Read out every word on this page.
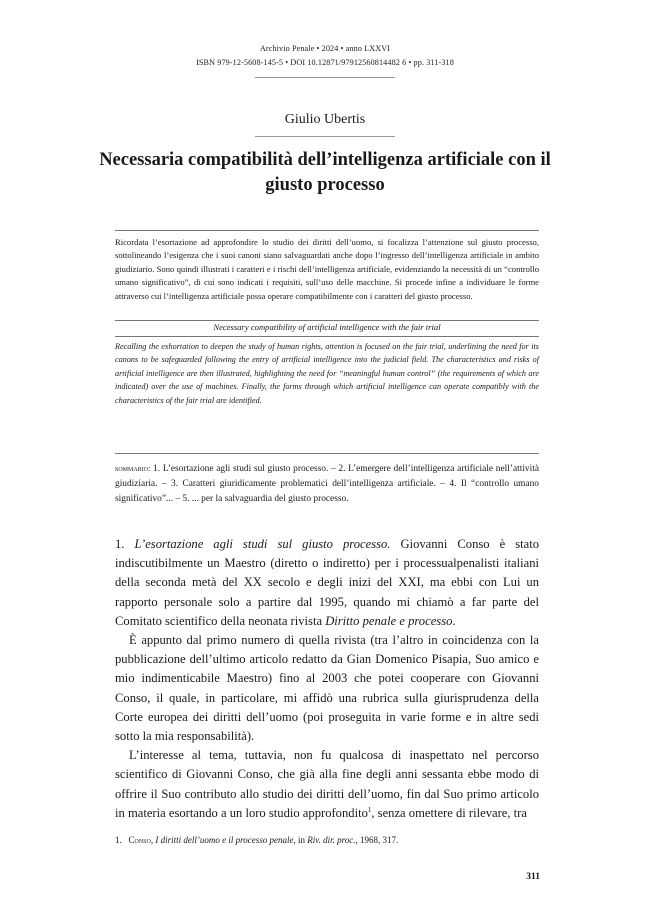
Archivio Penale • 2024 • anno LXXVI
ISBN 979-12-5608-145-5 • DOI 10.12871/97912560814482 6 • pp. 311-318
Giulio Ubertis
Necessaria compatibilità dell’intelligenza artificiale con il giusto processo
Ricordata l’esortazione ad approfondire lo studio dei diritti dell’uomo, si focalizza l’attenzione sul giusto processo, sottolineando l’esigenza che i suoi canoni siano salvaguardati anche dopo l’ingresso dell’intelligenza artificiale in ambito giudiziario. Sono quindi illustrati i caratteri e i rischi dell’intelligenza artificiale, evidenziando la necessità di un “controllo umano significativo”, di cui sono indicati i requisiti, sull’uso delle macchine. Si procede infine a individuare le forme attraverso cui l’intelligenza artificiale possa operare compatibilmente con i caratteri del giusto processo.
Necessary compatibility of artificial intelligence with the fair trial
Recalling the exhortation to deepen the study of human rights, attention is focused on the fair trial, underlining the need for its canons to be safeguarded following the entry of artificial intelligence into the judicial field. The characteristics and risks of artificial intelligence are then illustrated, highlighting the need for “meaningful human control” (the requirements of which are indicated) over the use of machines. Finally, the forms through which artificial intelligence can operate compatibly with the characteristics of the fair trial are identified.
sommario: 1. L’esortazione agli studi sul giusto processo. – 2. L’emergere dell’intelligenza artificiale nell’attività giudiziaria. – 3. Caratteri giuridicamente problematici dell’intelligenza artificiale. – 4. Il “controllo umano significativo”... – 5. ... per la salvaguardia del giusto processo.

1. L’esortazione agli studi sul giusto processo. Giovanni Conso è stato indiscutibilmente un Maestro (diretto o indiretto) per i processualpenalisti italiani della seconda metà del XX secolo e degli inizi del XXI, ma ebbi con Lui un rapporto personale solo a partire dal 1995, quando mi chiamò a far parte del Comitato scientifico della neonata rivista Diritto penale e processo.

È appunto dal primo numero di quella rivista (tra l’altro in coincidenza con la pubblicazione dell’ultimo articolo redatto da Gian Domenico Pisapia, Suo amico e mio indimenticabile Maestro) fino al 2003 che potei cooperare con Giovanni Conso, il quale, in particolare, mi affidò una rubrica sulla giurisprudenza della Corte europea dei diritti dell’uomo (poi proseguita in varie forme e in altre sedi sotto la mia responsabilità).

L’interesse al tema, tuttavia, non fu qualcosa di inaspettato nel percorso scientifico di Giovanni Conso, che già alla fine degli anni sessanta ebbe modo di offrire il Suo contributo allo studio dei diritti dell’uomo, fin dal Suo primo articolo in materia esortando a un loro studio approfondito$^1$, senza omettere di rilevare, tra

1. Conso, I diritti dell’uomo e il processo penale, in Riv. dir. proc., 1968, 317.
311
